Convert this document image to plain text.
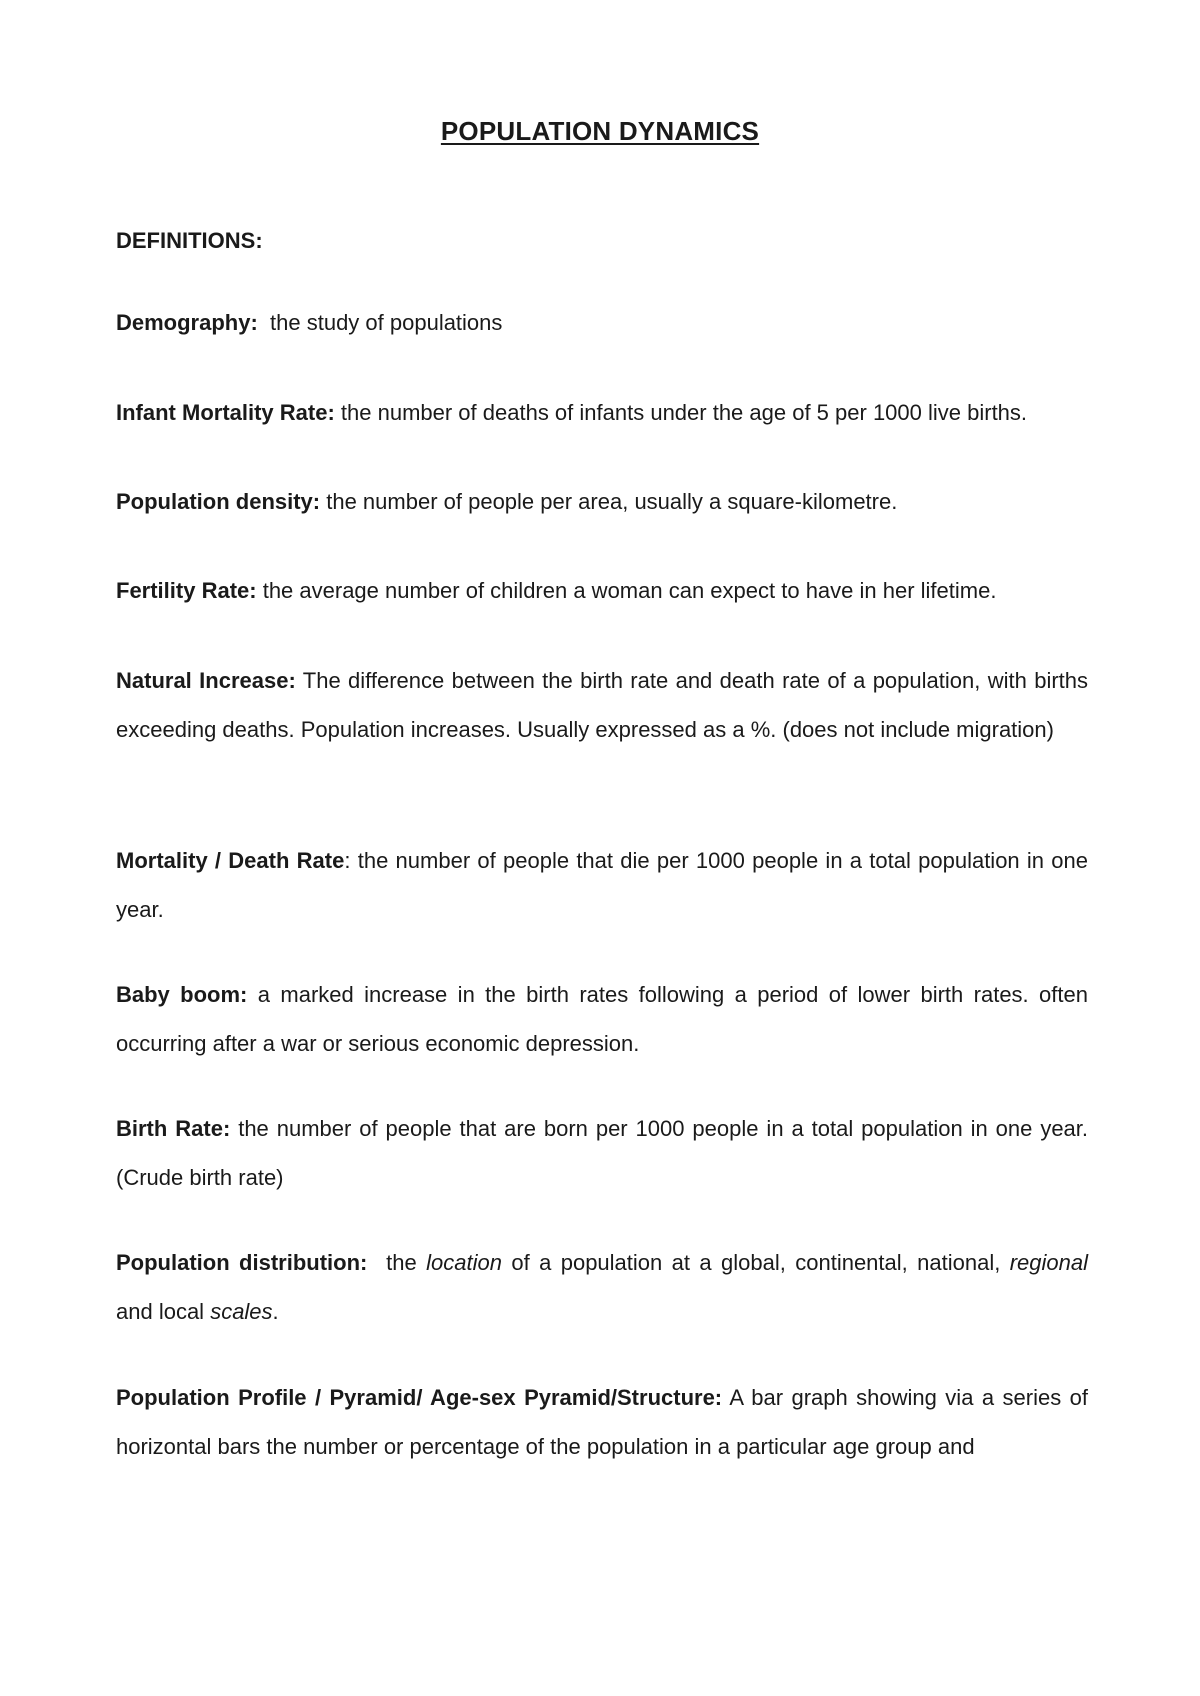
POPULATION DYNAMICS
DEFINITIONS:

Demography:  the study of populations

Infant Mortality Rate: the number of deaths of infants under the age of 5 per 1000 live births.

Population density: the number of people per area, usually a square-kilometre.

Fertility Rate: the average number of children a woman can expect to have in her lifetime.

Natural Increase: The difference between the birth rate and death rate of a population, with births exceeding deaths. Population increases. Usually expressed as a %. (does not include migration)

Mortality / Death Rate: the number of people that die per 1000 people in a total population in one year.

Baby boom: a marked increase in the birth rates following a period of lower birth rates. often occurring after a war or serious economic depression.

Birth Rate: the number of people that are born per 1000 people in a total population in one year. (Crude birth rate)

Population distribution:  the location of a population at a global, continental, national, regional and local scales.

Population Profile / Pyramid/ Age-sex Pyramid/Structure: A bar graph showing via a series of horizontal bars the number or percentage of the population in a particular age group and
